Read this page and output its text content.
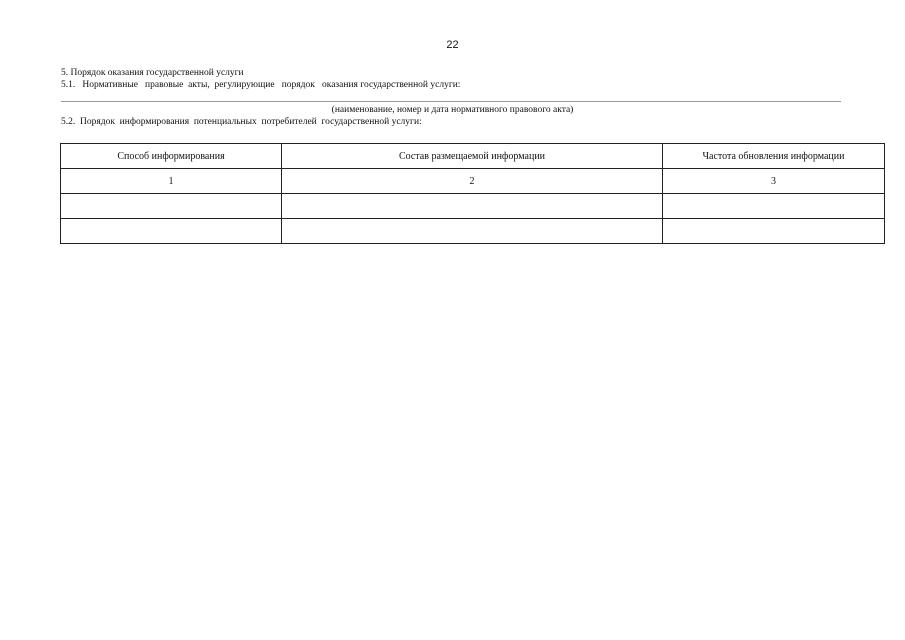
22
5. Порядок оказания государственной услуги
5.1.   Нормативные   правовые  акты,  регулирующие   порядок   оказания государственной услуги:
(наименование, номер и дата нормативного правового акта)
5.2.  Порядок  информирования  потенциальных  потребителей  государственной услуги:
Способ информирования	Состав размещаемой информации	Частота обновления информации
1	2	3
